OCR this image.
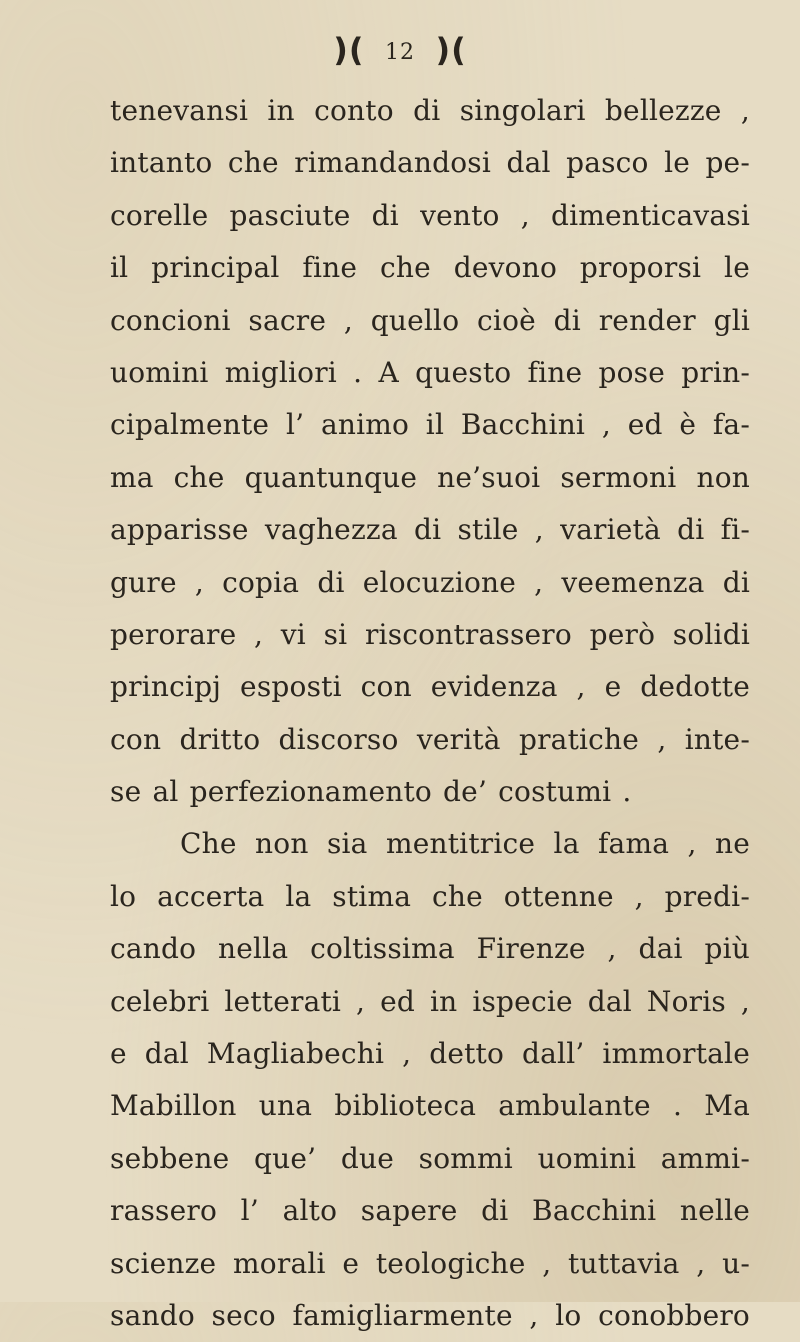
)( 12 )(
tenevansi in conto di singolari bellezze ,
intanto che rimandandosi dal pasco le pe-
corelle pasciute di vento , dimenticavasi
il principal fine che devono proporsi le
concioni sacre , quello cioè di render gli
uomini migliori . A questo fine pose prin-
cipalmente l’ animo il Bacchini , ed è fa-
ma che quantunque ne’suoi sermoni non
apparisse vaghezza di stile , varietà di fi-
gure , copia di elocuzione , veemenza di
perorare , vi si riscontrassero però solidi
principj esposti con evidenza , e dedotte
con dritto discorso verità pratiche , inte-
se al perfezionamento de’ costumi .
Che non sia mentitrice la fama , ne
lo accerta la stima che ottenne , predi-
cando nella coltissima Firenze , dai più
celebri letterati , ed in ispecie dal Noris ,
e dal Magliabechi , detto dall’ immortale
Mabillon una biblioteca ambulante . Ma
sebbene que’ due sommi uomini ammi-
rassero l’ alto sapere di Bacchini nelle
scienze morali e teologiche , tuttavia , u-
sando seco famigliarmente , lo conobbero
